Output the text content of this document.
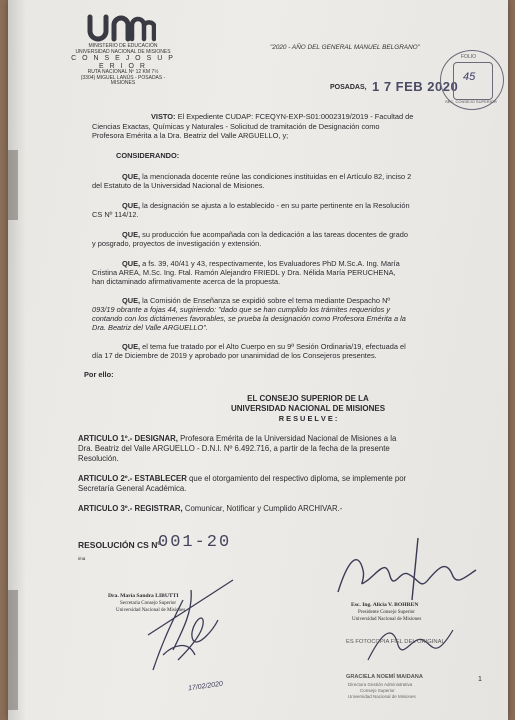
MINISTERIO DE EDUCACIÓN
UNIVERSIDAD NACIONAL DE MISIONES
C O N S E J O S U P E R I O R
RUTA NACIONAL Nº 12 KM 7½
(3304) MIGUEL LANÚS - POSADAS - MISIONES
"2020 - AÑO DEL GENERAL MANUEL BELGRANO"
POSADAS, 1 7 FEB 2020
FOLIO
45
SEC. CONSEJO SUPERIOR
VISTO: El Expediente CUDAP: FCEQYN-EXP-S01:0002319/2019 - Facultad de
Ciencias Exactas, Químicas y Naturales - Solicitud de tramitación de Designación como
Profesora Emérita a la Dra. Beatriz del Valle ARGUELLO, y;
CONSIDERANDO:
QUE, la mencionada docente reúne las condiciones instituidas en el Artículo 82, inciso 2
del Estatuto de la Universidad Nacional de Misiones.
QUE, la designación se ajusta a lo establecido - en su parte pertinente en la Resolución
CS Nº 114/12.
QUE, su producción fue acompañada con la dedicación a las tareas docentes de grado
y posgrado, proyectos de investigación y extensión.
QUE, a fs. 39, 40/41 y 43, respectivamente, los Evaluadores PhD M.Sc.A. Ing. María
Cristina AREA, M.Sc. Ing. Ftal. Ramón Alejandro FRIEDL y Dra. Nélida María PERUCHENA,
han dictaminado afirmativamente acerca de la propuesta.
QUE, la Comisión de Enseñanza se expidió sobre el tema mediante Despacho Nº
093/19 obrante a fojas 44, sugiriendo: "dado que se han cumplido los trámites requeridos y
contando con los dictámenes favorables, se prueba la designación como Profesora Emérita a la
Dra. Beatriz del Valle ARGUELLO".
QUE, el tema fue tratado por el Alto Cuerpo en su 9ª Sesión Ordinaria/19, efectuada el
día 17 de Diciembre de 2019 y aprobado por unanimidad de los Consejeros presentes.
Por ello:
EL CONSEJO SUPERIOR DE LA
UNIVERSIDAD NACIONAL DE MISIONES
R E S U E L V E :
ARTICULO 1º.- DESIGNAR, Profesora Emérita de la Universidad Nacional de Misiones a la
Dra. Beatriz del Valle ARGUELLO - D.N.I. Nº 6.492.716, a partir de la fecha de la presente
Resolución.
ARTICULO 2º.- ESTABLECER que el otorgamiento del respectivo diploma, se implemente por
Secretaría General Académica.
ARTICULO 3º.- REGISTRAR, Comunicar, Notificar y Cumplido ARCHIVAR.-
RESOLUCIÓN CS Nº
001-20
ima
Dra. María Sandra LIBUTTI
Secretaria Consejo Superior
Universidad Nacional de Misiones
Esc. Ing. Alicia V. BOHREN
Presidente Consejo Superior
Universidad Nacional de Misiones
ES FOTOCOPIA FIEL DEL ORIGINAL
GRACIELA NOEMÍ MAIDANA
Directora Gestión Administrativa
Consejo Superior
Universidad Nacional de Misiones
17/02/2020
1
